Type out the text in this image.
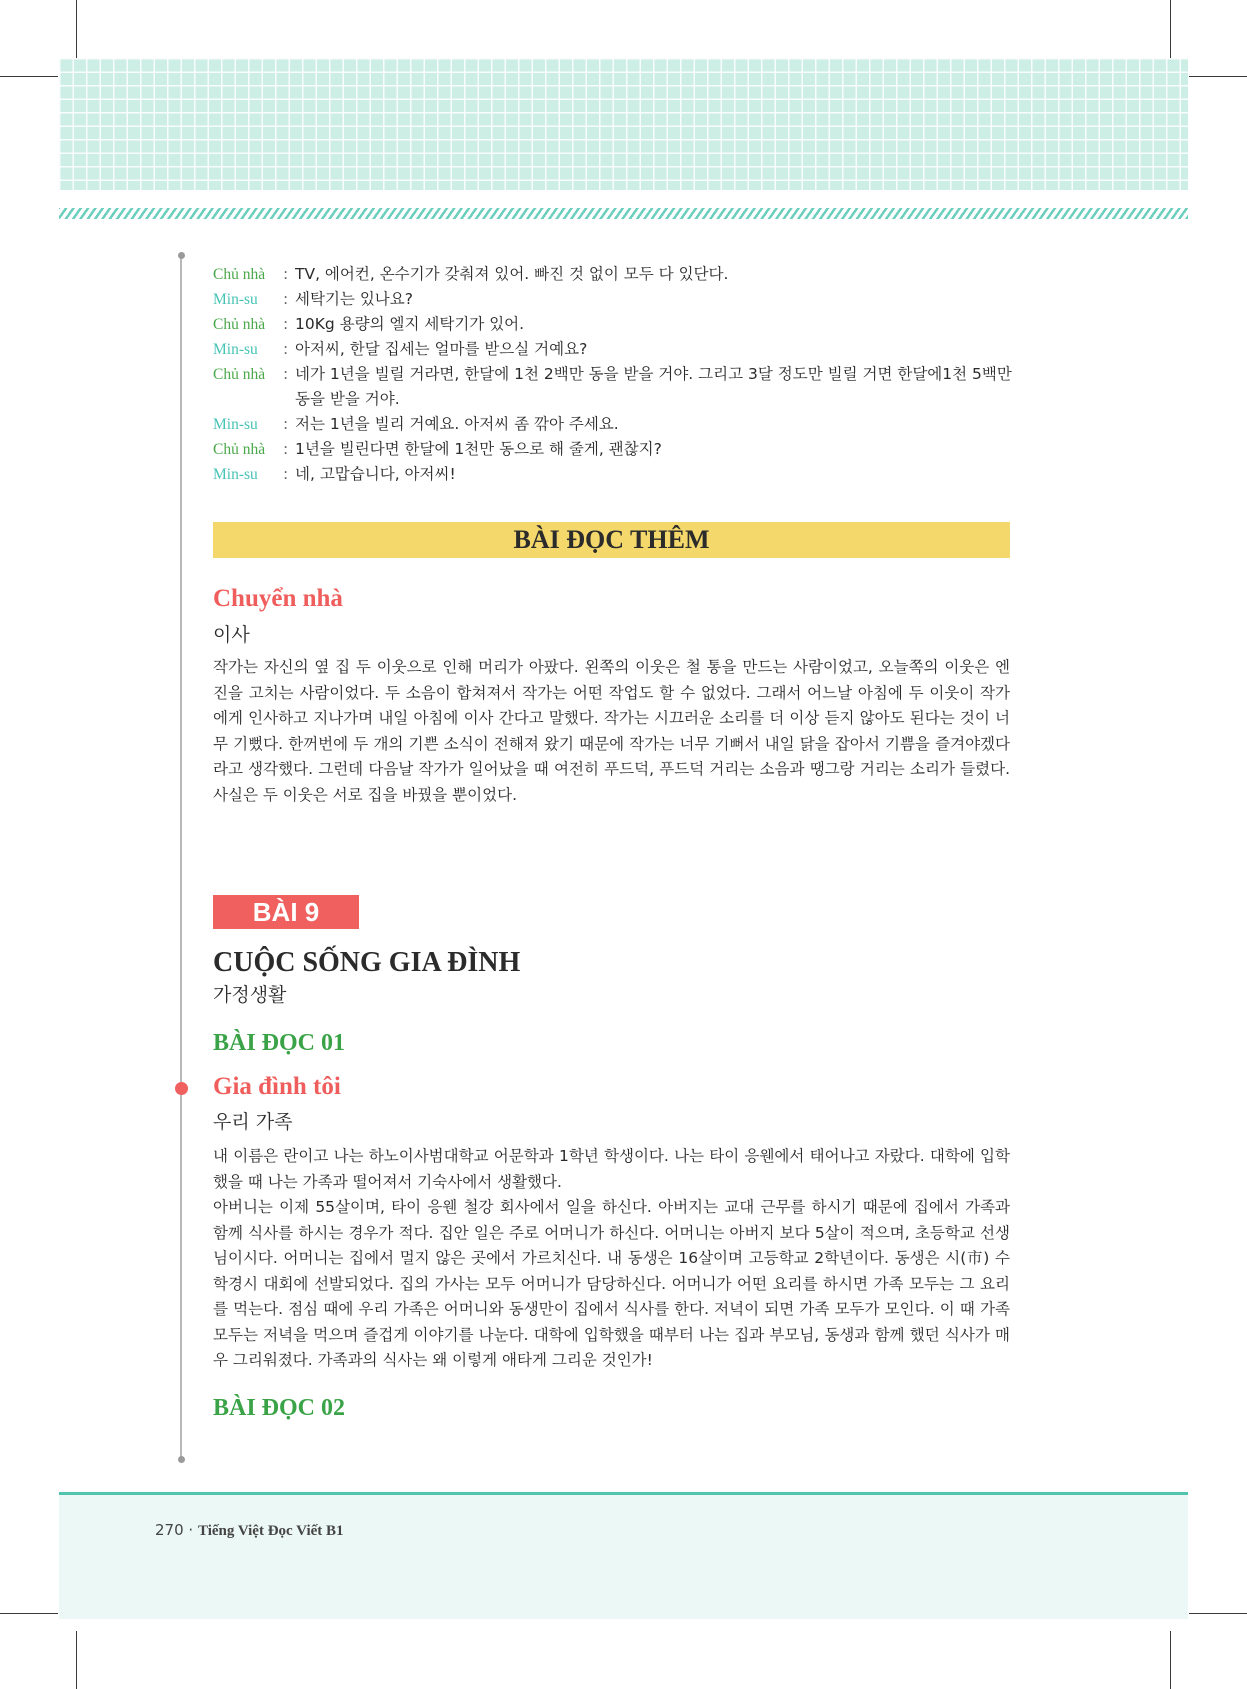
Chủ nhà	: TV, 에어컨, 온수기가 갖춰져 있어. 빠진 것 없이 모두 다 있단다.
Min-su	: 세탁기는 있나요?
Chủ nhà	: 10Kg 용량의 엘지 세탁기가 있어.
Min-su	: 아저씨, 한달 집세는 얼마를 받으실 거예요?
Chủ nhà	: 네가 1년을 빌릴 거라면, 한달에 1천 2백만 동을 받을 거야. 그리고 3달 정도만 빌릴 거면 한달에1천 5백만 동을 받을 거야.
Min-su	: 저는 1년을 빌리 거예요. 아저씨 좀 깎아 주세요.
Chủ nhà	: 1년을 빌린다면 한달에 1천만 동으로 해 줄게, 괜찮지?
Min-su	: 네, 고맙습니다, 아저씨!
BÀI ĐỌC THÊM
Chuyển nhà
이사

작가는 자신의 옆 집 두 이웃으로 인해 머리가 아팠다. 왼쪽의 이웃은 철 통을 만드는 사람이었고, 오늘쪽의 이웃은 엔진을 고치는 사람이었다. 두 소음이 합쳐져서 작가는 어떤 작업도 할 수 없었다. 그래서 어느날 아침에 두 이웃이 작가에게 인사하고 지나가며 내일 아침에 이사 간다고 말했다. 작가는 시끄러운 소리를 더 이상 듣지 않아도 된다는 것이 너무 기뻤다. 한꺼번에 두 개의 기쁜 소식이 전해져 왔기 때문에 작가는 너무 기뻐서 내일 닭을 잡아서 기쁨을 즐겨야겠다라고 생각했다. 그런데 다음날 작가가 일어났을 때 여전히 푸드덕, 푸드덕 거리는 소음과 땡그랑 거리는 소리가 들렸다. 사실은 두 이웃은 서로 집을 바꿨을 뿐이었다.

BÀI 9
CUỘC SỐNG GIA ĐÌNH
가정생활
BÀI ĐỌC 01
Gia đình tôi
우리 가족

내 이름은 란이고 나는 하노이사범대학교 어문학과 1학년 학생이다. 나는 타이 응웬에서 태어나고 자랐다. 대학에 입학했을 때 나는 가족과 떨어져서 기숙사에서 생활했다.

아버니는 이제 55살이며, 타이 응웬 철강 회사에서 일을 하신다. 아버지는 교대 근무를 하시기 때문에 집에서 가족과 함께 식사를 하시는 경우가 적다. 집안 일은 주로 어머니가 하신다. 어머니는 아버지 보다 5살이 적으며, 초등학교 선생님이시다. 어머니는 집에서 멀지 않은 곳에서 가르치신다. 내 동생은 16살이며 고등학교 2학년이다. 동생은 시(市) 수학경시 대회에 선발되었다. 집의 가사는 모두 어머니가 담당하신다. 어머니가 어떤 요리를 하시면 가족 모두는 그 요리를 먹는다. 점심 때에 우리 가족은 어머니와 동생만이 집에서 식사를 한다. 저녁이 되면 가족 모두가 모인다. 이 때 가족 모두는 저녁을 먹으며 즐겁게 이야기를 나눈다. 대학에 입학했을 때부터 나는 집과 부모님, 동생과 함께 했던 식사가 매우 그리워졌다. 가족과의 식사는 왜 이렇게 애타게 그리운 것인가!

BÀI ĐỌC 02
270 · Tiếng Việt Đọc Viết B1
